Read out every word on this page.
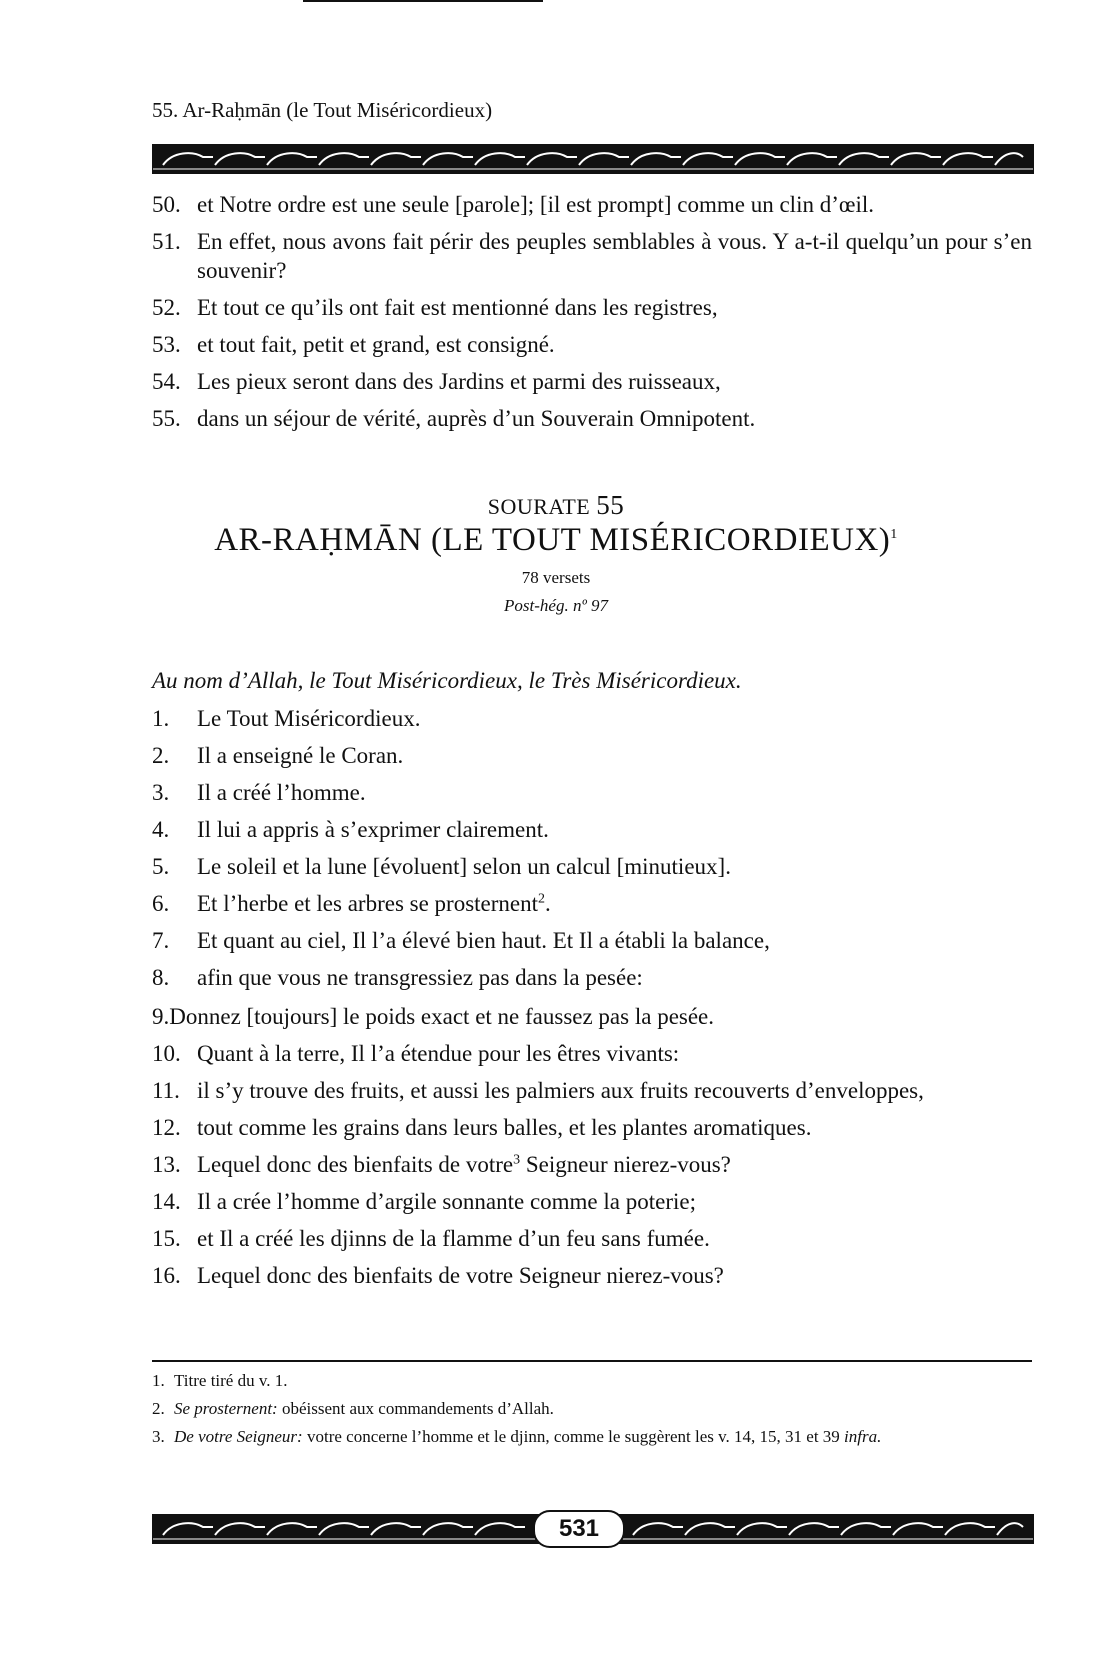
55. Ar-Raḥmān (le Tout Miséricordieux)
50. et Notre ordre est une seule [parole]; [il est prompt] comme un clin d’œil.
51. En effet, nous avons fait périr des peuples semblables à vous. Y a-t-il quelqu’un pour s’en souvenir?
52. Et tout ce qu’ils ont fait est mentionné dans les registres,
53. et tout fait, petit et grand, est consigné.
54. Les pieux seront dans des Jardins et parmi des ruisseaux,
55. dans un séjour de vérité, auprès d’un Souverain Omnipotent.
SOURATE 55
AR-RAḤMĀN (LE TOUT MISÉRICORDIEUX)$^1$
78 versets
Post-hég. nº 97
Au nom d’Allah, le Tout Miséricordieux, le Très Miséricordieux.
1. Le Tout Miséricordieux.
2. Il a enseigné le Coran.
3. Il a créé l’homme.
4. Il lui a appris à s’exprimer clairement.
5. Le soleil et la lune [évoluent] selon un calcul [minutieux].
6. Et l’herbe et les arbres se prosternent$^2$.
7. Et quant au ciel, Il l’a élevé bien haut. Et Il a établi la balance,
8. afin que vous ne transgressiez pas dans la pesée:
9.Donnez [toujours] le poids exact et ne faussez pas la pesée.
10. Quant à la terre, Il l’a étendue pour les êtres vivants:
11. il s’y trouve des fruits, et aussi les palmiers aux fruits recouverts d’enveloppes,
12. tout comme les grains dans leurs balles, et les plantes aromatiques.
13. Lequel donc des bienfaits de votre$^3$ Seigneur nierez-vous?
14. Il a crée l’homme d’argile sonnante comme la poterie;
15. et Il a créé les djinns de la flamme d’un feu sans fumée.
16. Lequel donc des bienfaits de votre Seigneur nierez-vous?
1. Titre tiré du v. 1.
2. Se prosternent: obéissent aux commandements d’Allah.
3. De votre Seigneur: votre concerne l’homme et le djinn, comme le suggèrent les v. 14, 15, 31 et 39 infra.
531
